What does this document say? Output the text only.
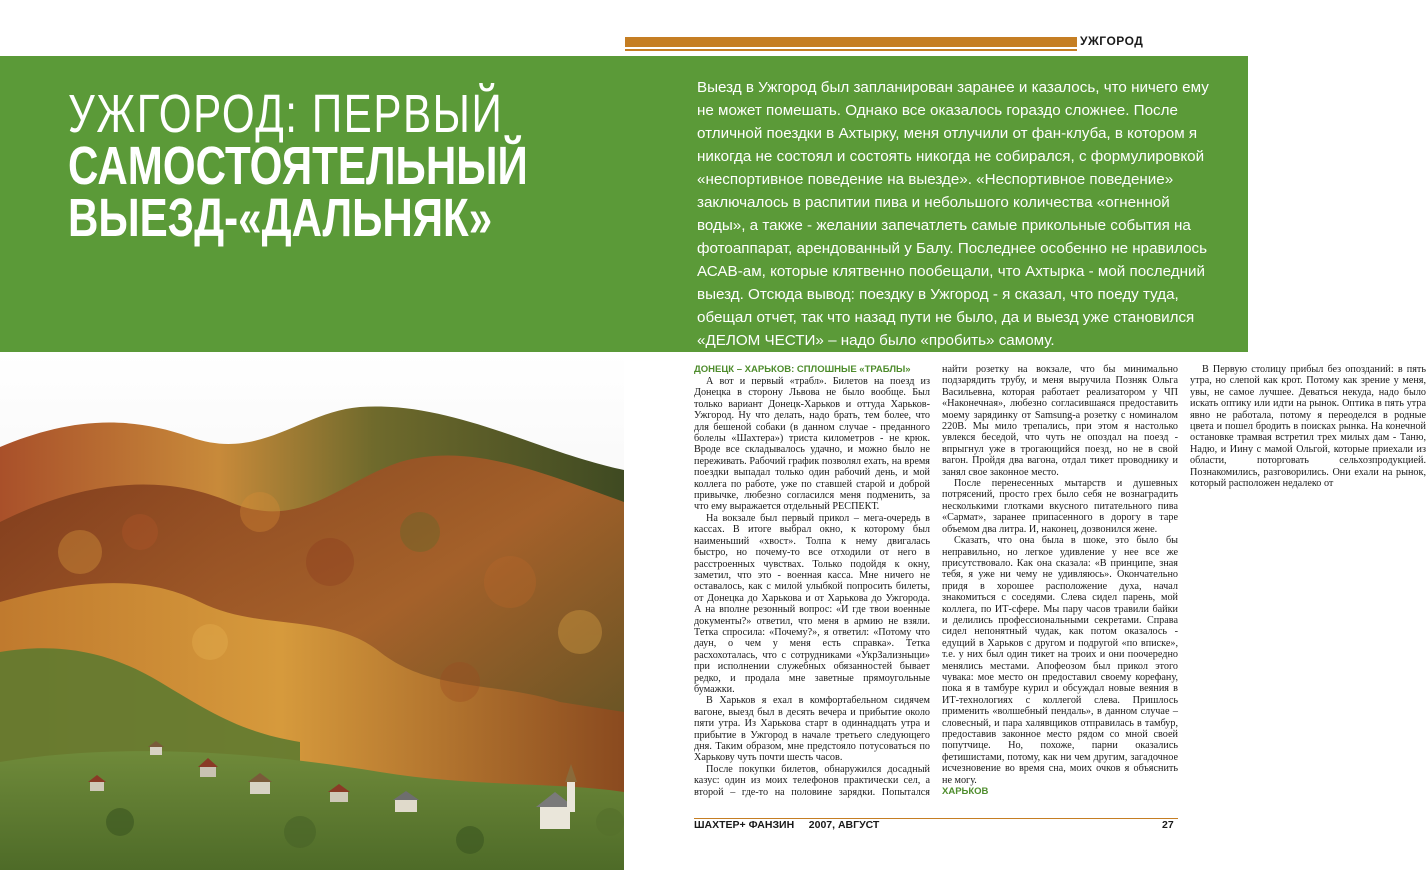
УЖГОРОД
УЖГОРОД: ПЕРВЫЙ
САМОСТОЯТЕЛЬНЫЙ
ВЫЕЗД-«ДАЛЬНЯК»
Выезд в Ужгород был запланирован заранее и казалось, что ничего ему не может помешать. Однако все оказалось гораздо сложнее. После отличной поездки в Ахтырку, меня отлучили от фан-клуба, в котором я никогда не состоял и состоять никогда не собирался, с формулировкой «неспортивное поведение на выезде». «Неспортивное поведение» заключалось в распитии пива и небольшого количества «огненной воды», а также - желании запечатлеть самые прикольные события на фотоаппарат, арендованный у Балу. Последнее особенно не нравилось АСАВ-ам, которые клятвенно пообещали, что Ахтырка - мой последний выезд. Отсюда вывод: поездку в Ужгород - я сказал, что поеду туда, обещал отчет, так что назад пути не было, да и выезд уже становился «ДЕЛОМ ЧЕСТИ» – надо было «пробить» самому.
ДОНЕЦК – ХАРЬКОВ: СПЛОШНЫЕ «ТРАБЛЫ»

А вот и первый «трабл». Билетов на поезд из Донецка в сторону Львова не было вообще. Был только вариант Донецк-Харьков и оттуда Харьков-Ужгород. Ну что делать, надо брать, тем более, что для бешеной собаки (в данном случае - преданного болелы «Шахтера») триста километров - не крюк. Вроде все складывалось удачно, и можно было не переживать. Рабочий график позволял ехать, на время поездки выпадал только один рабочий день, и мой коллега по работе, уже по ставшей старой и доброй привычке, любезно согласился меня подменить, за что ему выражается отдельный РЕСПЕКТ.

На вокзале был первый прикол – мега-очередь в кассах. В итоге выбрал окно, к которому был наименьший «хвост». Толпа к нему двигалась быстро, но почему-то все отходили от него в расстроенных чувствах. Только подойдя к окну, заметил, что это - военная касса. Мне ничего не оставалось, как с милой улыбкой попросить билеты, от Донецка до Харькова и от Харькова до Ужгорода. А на вполне резонный вопрос: «И где твои военные документы?» ответил, что меня в армию не взяли. Тетка спросила: «Почему?», я ответил: «Потому что даун, о чем у меня есть справка». Тетка расхохоталась, что с сотрудниками «УкрЗализныци» при исполнении служебных обязанностей бывает редко, и продала мне заветные прямоугольные бумажки.

В Харьков я ехал в комфортабельном сидячем вагоне, выезд был в десять вечера и прибытие около пяти утра. Из Харькова старт в одиннадцать утра и прибытие в Ужгород в начале третьего следующего дня. Таким образом, мне предстояло потусоваться по Харькову чуть почти шесть часов.

После покупки билетов, обнаружился досадный казус: один из моих телефонов практически сел, а второй – где-то на половине зарядки. Попытался найти розетку на вокзале, что бы минимально подзарядить трубу, и меня выручила Позняк Ольга Васильевна, которая работает реализатором у ЧП «Наконечная», любезно согласившаяся предоставить моему зарядинку от Samsung-а розетку с номиналом 220В. Мы мило трепались, при этом я настолько увлекся беседой, что чуть не опоздал на поезд - впрыгнул уже в трогающийся поезд, но не в свой вагон. Пройдя два вагона, отдал тикет проводнику и занял свое законное место.

После перенесенных мытарств и душевных потрясений, просто грех было себя не вознаградить несколькими глотками вкусного питательного пива «Сармат», заранее припасенного в дорогу в таре объемом два литра. И, наконец, дозвонился жене.

Сказать, что она была в шоке, это было бы неправильно, но легкое удивление у нее все же присутствовало. Как она сказала: «В принципе, зная тебя, я уже ни чему не удивляюсь». Окончательно придя в хорошее расположение духа, начал знакомиться с соседями. Слева сидел парень, мой коллега, по ИТ-сфере. Мы пару часов травили байки и делились профессиональными секретами. Справа сидел непонятный чудак, как потом оказалось - едущий в Харьков с другом и подругой «по вписке», т.е. у них был один тикет на троих и они поочередно менялись местами. Апофеозом был прикол этого чувака: мое место он предоставил своему корефану, пока я в тамбуре курил и обсуждал новые веяния в ИТ-технологиях с коллегой слева. Пришлось применить «волшебный пендаль», в данном случае – словесный, и пара халявщиков отправилась в тамбур, предоставив законное место рядом со мной своей попутчице. Но, похоже, парни оказались фетишистами, потому, как ни чем другим, загадочное исчезновение во время сна, моих очков я объяснить не могу.

ХАРЬКОВ

В Первую столицу прибыл без опозданий: в пять утра, но слепой как крот. Потому как зрение у меня, увы, не самое лучшее. Деваться некуда, надо было искать оптику или идти на рынок. Оптика в пять утра явно не работала, потому я переоделся в родные цвета и пошел бродить в поисках рынка. На конечной остановке трамвая встретил трех милых дам - Таню, Надю, и Иину с мамой Ольгой, которые приехали из области, поторговать сельхозпродукцией. Познакомились, разговорились. Они ехали на рынок, который расположен недалеко от

ШАХТЕР+ ФАНЗИН     2007, АВГУСТ	27
